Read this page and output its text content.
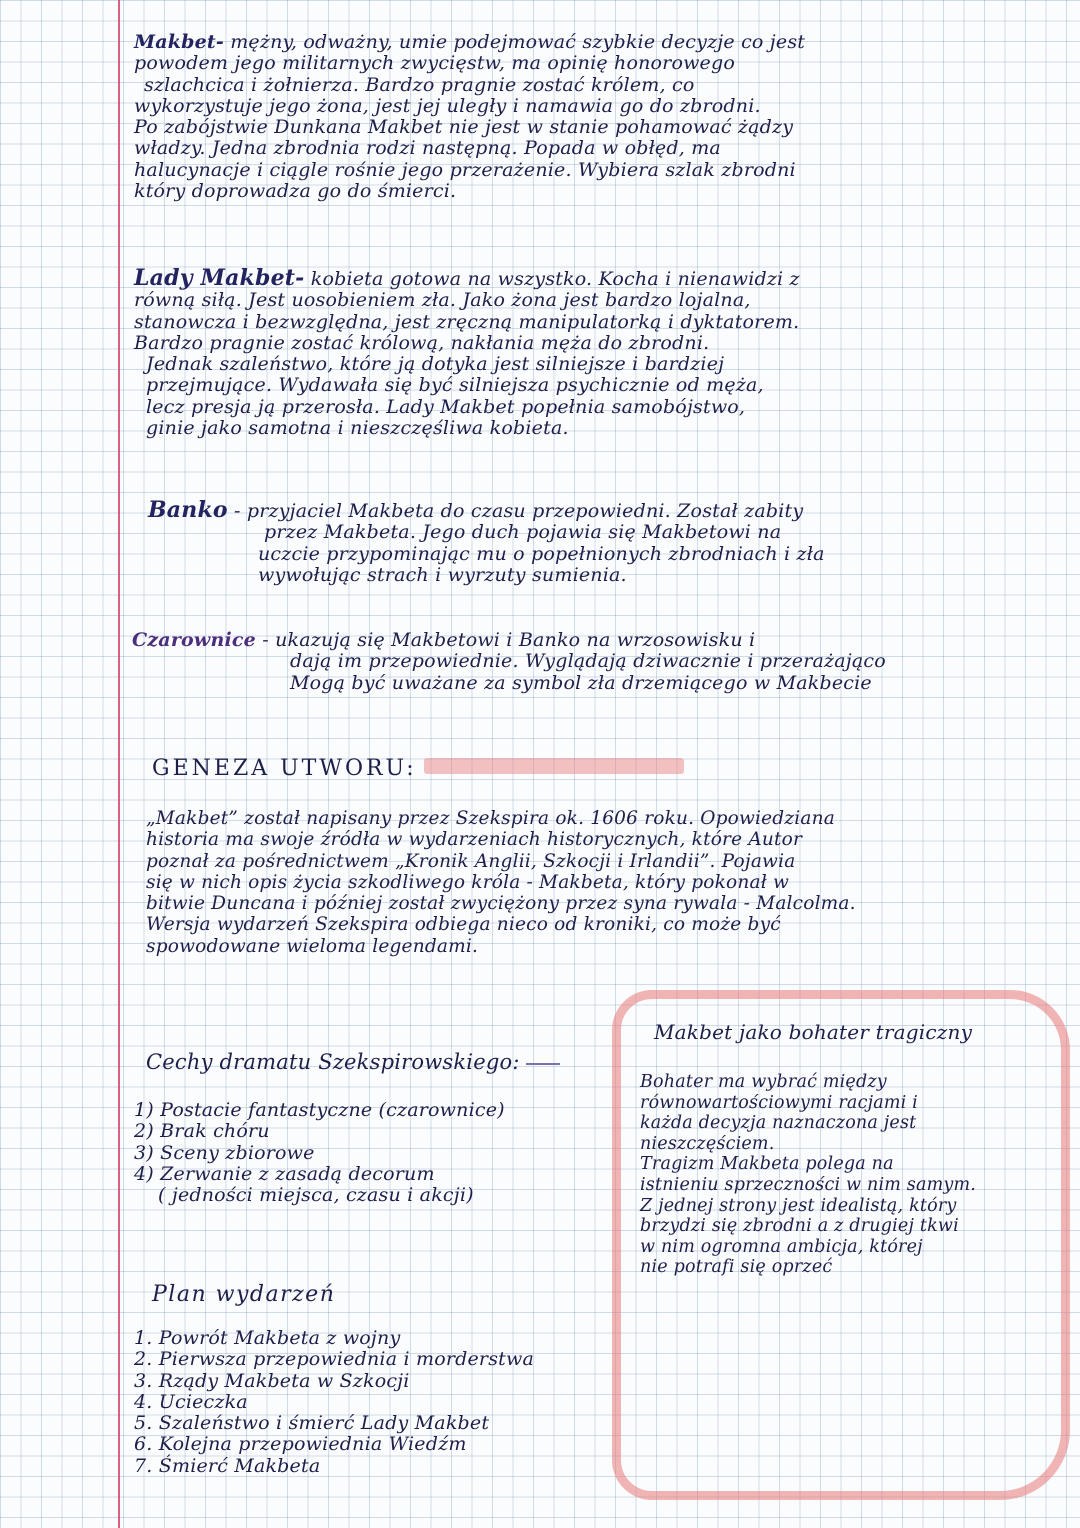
Makbet- mężny, odważny, umie podejmować szybkie decyzje co jest

powodem jego militarnych zwycięstw, ma opinię honorowego

szlachcica i żołnierza. Bardzo pragnie zostać królem, co

wykorzystuje jego żona, jest jej uległy i namawia go do zbrodni.

Po zabójstwie Dunkana Makbet nie jest w stanie pohamować żądzy

władzy. Jedna zbrodnia rodzi następną. Popada w obłęd, ma

halucynacje i ciągle rośnie jego przerażenie. Wybiera szlak zbrodni

który doprowadza go do śmierci.

Lady Makbet- kobieta gotowa na wszystko. Kocha i nienawidzi z

równą siłą. Jest uosobieniem zła. Jako żona jest bardzo lojalna,

stanowcza i bezwzględna, jest zręczną manipulatorką i dyktatorem.

Bardzo pragnie zostać królową, nakłania męża do zbrodni.

Jednak szaleństwo, które ją dotyka jest silniejsze i bardziej

przejmujące. Wydawała się być silniejsza psychicznie od męża,

lecz presja ją przerosła. Lady Makbet popełnia samobójstwo,

ginie jako samotna i nieszczęśliwa kobieta.

Banko - przyjaciel Makbeta do czasu przepowiedni. Został zabity

przez Makbeta. Jego duch pojawia się Makbetowi na

uczcie przypominając mu o popełnionych zbrodniach i zła

wywołując strach i wyrzuty sumienia.

Czarownice - ukazują się Makbetowi i Banko na wrzosowisku i

dają im przepowiednie. Wyglądają dziwacznie i przerażająco

Mogą być uważane za symbol zła drzemiącego w Makbecie

GENEZA UTWORU:

„Makbet” został napisany przez Szekspira ok. 1606 roku. Opowiedziana

historia ma swoje źródła w wydarzeniach historycznych, które Autor

poznał za pośrednictwem „Kronik Anglii, Szkocji i Irlandii”. Pojawia

się w nich opis życia szkodliwego króla - Makbeta, który pokonał w

bitwie Duncana i później został zwyciężony przez syna rywala - Malcolma.

Wersja wydarzeń Szekspira odbiega nieco od kroniki, co może być

spowodowane wieloma legendami.

Cechy dramatu Szekspirowskiego:

1) Postacie fantastyczne (czarownice)

2) Brak chóru

3) Sceny zbiorowe

4) Zerwanie z zasadą decorum

( jedności miejsca, czasu i akcji)

Plan wydarzeń

1. Powrót Makbeta z wojny

2. Pierwsza przepowiednia i morderstwa

3. Rządy Makbeta w Szkocji

4. Ucieczka

5. Szaleństwo i śmierć Lady Makbet

6. Kolejna przepowiednia Wiedźm

7. Śmierć Makbeta

Makbet jako bohater tragiczny

Bohater ma wybrać między

równowartościowymi racjami i

każda decyzja naznaczona jest

nieszczęściem.

Tragizm Makbeta polega na

istnieniu sprzeczności w nim samym.

Z jednej strony jest idealistą, który

brzydzi się zbrodni a z drugiej tkwi

w nim ogromna ambicja, której

nie potrafi się oprzeć
